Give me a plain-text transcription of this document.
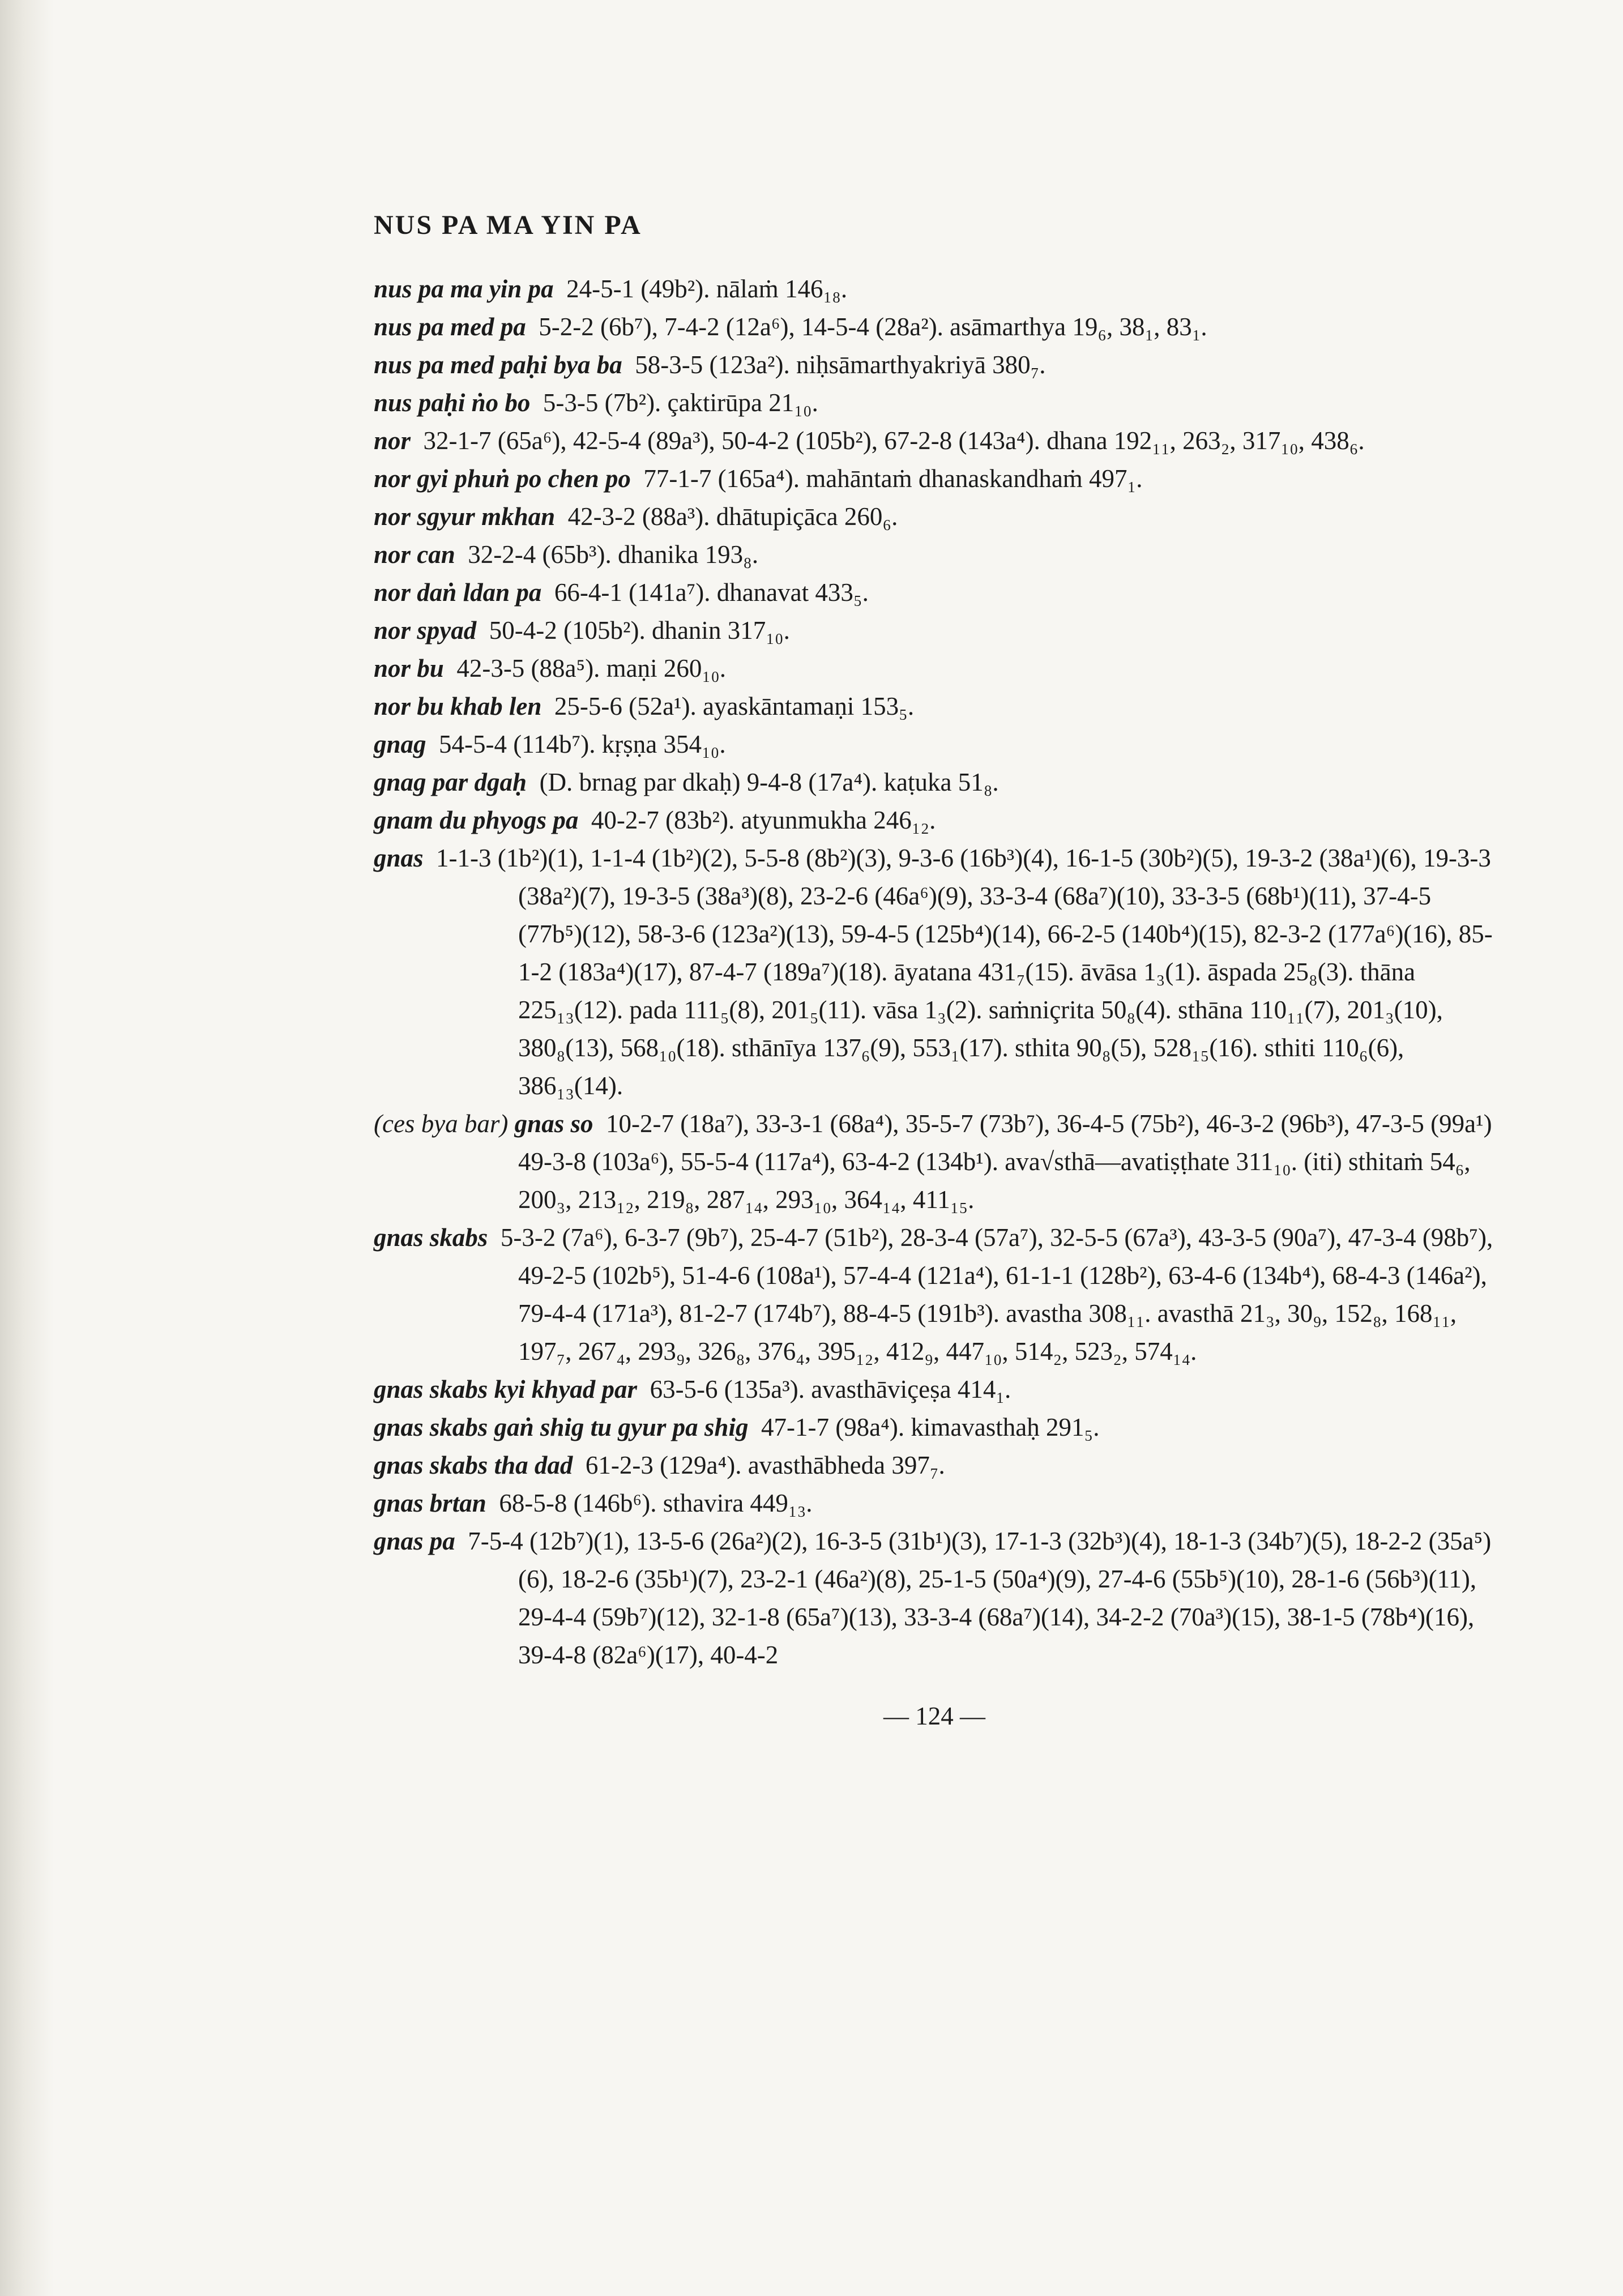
NUS PA MA YIN PA

nus pa ma yin pa  24-5-1 (49b²). nālaṁ 146₁₈.

nus pa med pa  5-2-2 (6b⁷), 7-4-2 (12a⁶), 14-5-4 (28a²). asāmarthya 19₆, 38₁, 83₁.

nus pa med paḥi bya ba  58-3-5 (123a²). niḥsāmarthyakriyā 380₇.

nus paḥi ṅo bo  5-3-5 (7b²). çaktirūpa 21₁₀.

nor  32-1-7 (65a⁶), 42-5-4 (89a³), 50-4-2 (105b²), 67-2-8 (143a⁴). dhana 192₁₁, 263₂, 317₁₀, 438₆.

nor gyi phuṅ po chen po  77-1-7 (165a⁴). mahāntaṁ dhanaskandhaṁ 497₁.

nor sgyur mkhan  42-3-2 (88a³). dhātupiçāca 260₆.

nor can  32-2-4 (65b³). dhanika 193₈.

nor daṅ ldan pa  66-4-1 (141a⁷). dhanavat 433₅.

nor spyad  50-4-2 (105b²). dhanin 317₁₀.

nor bu  42-3-5 (88a⁵). maṇi 260₁₀.

nor bu khab len  25-5-6 (52a¹). ayaskāntamaṇi 153₅.

gnag  54-5-4 (114b⁷). kṛṣṇa 354₁₀.

gnag par dgaḥ  (D. brnag par dkaḥ) 9-4-8 (17a⁴). kaṭuka 51₈.

gnam du phyogs pa  40-2-7 (83b²). atyunmukha 246₁₂.

gnas  1-1-3 (1b²)(1), 1-1-4 (1b²)(2), 5-5-8 (8b²)(3), 9-3-6 (16b³)(4), 16-1-5 (30b²)(5), 19-3-2 (38a¹)(6), 19-3-3 (38a²)(7), 19-3-5 (38a³)(8), 23-2-6 (46a⁶)(9), 33-3-4 (68a⁷)(10), 33-3-5 (68b¹)(11), 37-4-5 (77b⁵)(12), 58-3-6 (123a²)(13), 59-4-5 (125b⁴)(14), 66-2-5 (140b⁴)(15), 82-3-2 (177a⁶)(16), 85-1-2 (183a⁴)(17), 87-4-7 (189a⁷)(18). āyatana 431₇(15). āvāsa 1₃(1). āspada 25₈(3). thāna 225₁₃(12). pada 111₅(8), 201₅(11). vāsa 1₃(2). saṁniçrita 50₈(4). sthāna 110₁₁(7), 201₃(10), 380₈(13), 568₁₀(18). sthānīya 137₆(9), 553₁(17). sthita 90₈(5), 528₁₅(16). sthiti 110₆(6), 386₁₃(14).

(ces bya bar) gnas so  10-2-7 (18a⁷), 33-3-1 (68a⁴), 35-5-7 (73b⁷), 36-4-5 (75b²), 46-3-2 (96b³), 47-3-5 (99a¹) 49-3-8 (103a⁶), 55-5-4 (117a⁴), 63-4-2 (134b¹). ava√sthā—avatiṣṭhate 311₁₀. (iti) sthitaṁ 54₆, 200₃, 213₁₂, 219₈, 287₁₄, 293₁₀, 364₁₄, 411₁₅.

gnas skabs  5-3-2 (7a⁶), 6-3-7 (9b⁷), 25-4-7 (51b²), 28-3-4 (57a⁷), 32-5-5 (67a³), 43-3-5 (90a⁷), 47-3-4 (98b⁷), 49-2-5 (102b⁵), 51-4-6 (108a¹), 57-4-4 (121a⁴), 61-1-1 (128b²), 63-4-6 (134b⁴), 68-4-3 (146a²), 79-4-4 (171a³), 81-2-7 (174b⁷), 88-4-5 (191b³). avastha 308₁₁. avasthā 21₃, 30₉, 152₈, 168₁₁, 197₇, 267₄, 293₉, 326₈, 376₄, 395₁₂, 412₉, 447₁₀, 514₂, 523₂, 574₁₄.

gnas skabs kyi khyad par  63-5-6 (135a³). avasthāviçeṣa 414₁.

gnas skabs gaṅ shig tu gyur pa shig  47-1-7 (98a⁴). kimavasthaḥ 291₅.

gnas skabs tha dad  61-2-3 (129a⁴). avasthābheda 397₇.

gnas brtan  68-5-8 (146b⁶). sthavira 449₁₃.

gnas pa  7-5-4 (12b⁷)(1), 13-5-6 (26a²)(2), 16-3-5 (31b¹)(3), 17-1-3 (32b³)(4), 18-1-3 (34b⁷)(5), 18-2-2 (35a⁵)(6), 18-2-6 (35b¹)(7), 23-2-1 (46a²)(8), 25-1-5 (50a⁴)(9), 27-4-6 (55b⁵)(10), 28-1-6 (56b³)(11), 29-4-4 (59b⁷)(12), 32-1-8 (65a⁷)(13), 33-3-4 (68a⁷)(14), 34-2-2 (70a³)(15), 38-1-5 (78b⁴)(16), 39-4-8 (82a⁶)(17), 40-4-2

— 124 —
